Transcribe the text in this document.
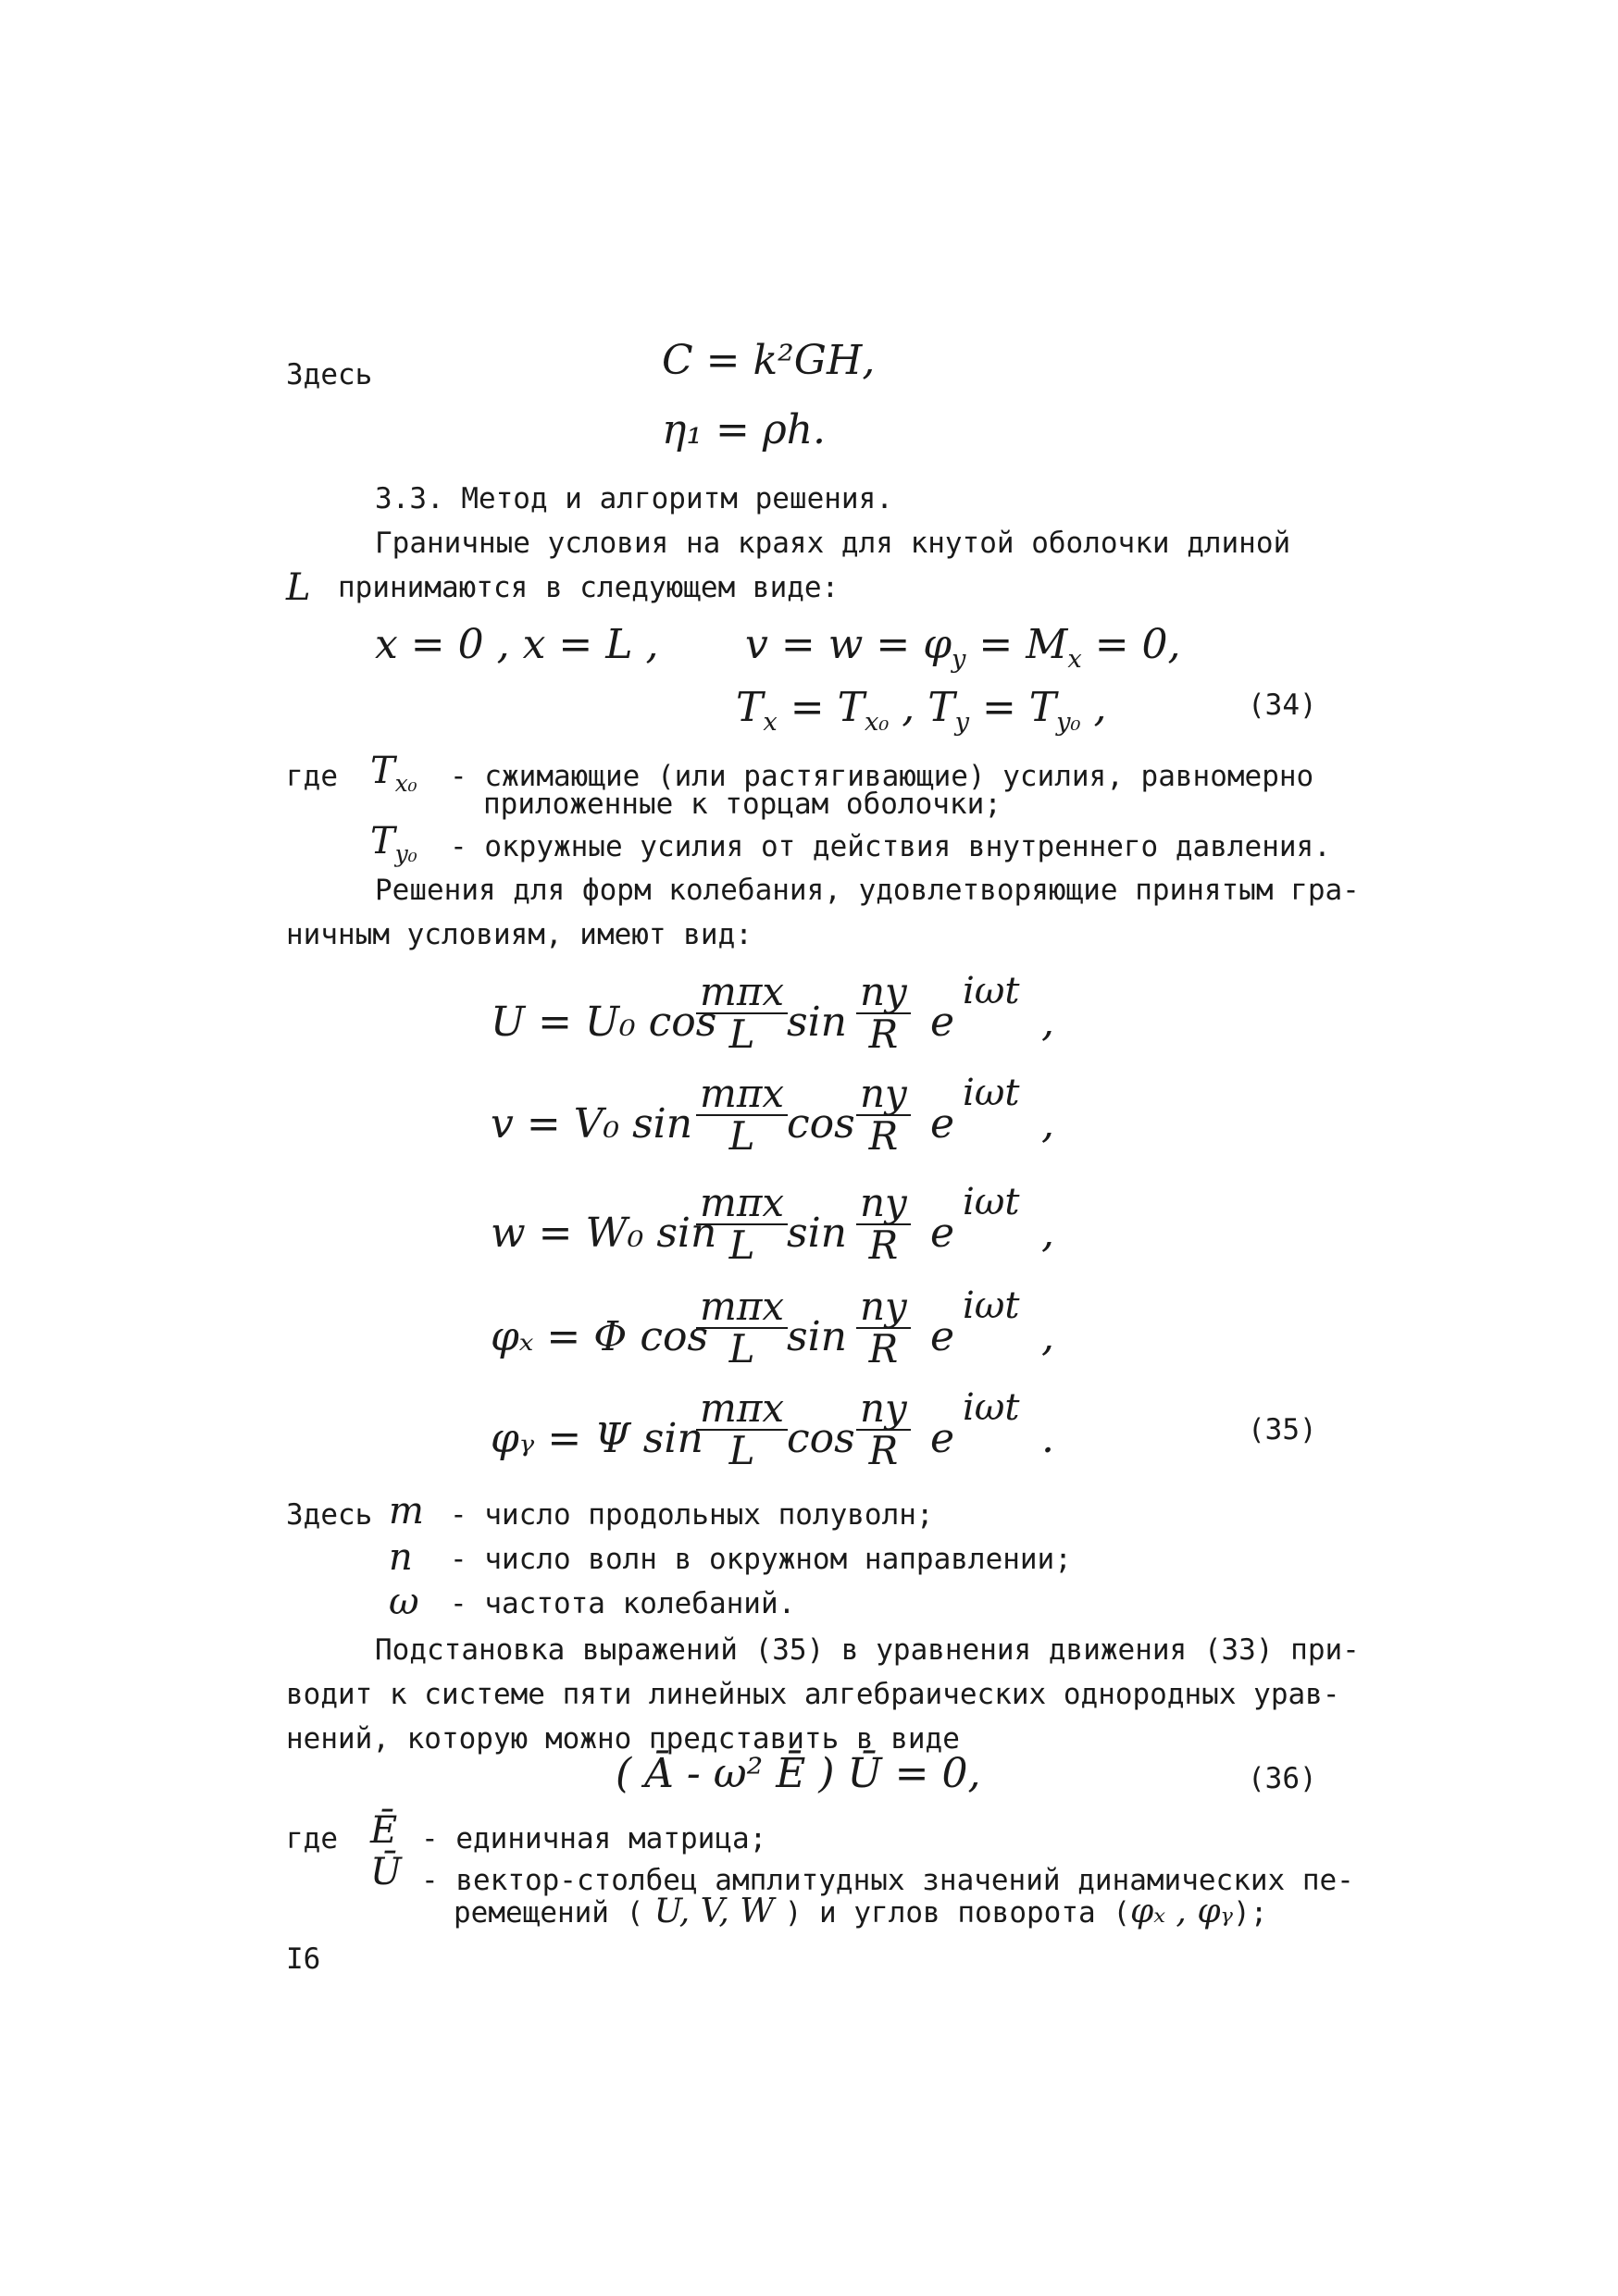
Здесь	C = k²GH,
η₁ = ρh.
3.3. Метод и алгоритм решения.
Граничные условия на краях для кнутой оболочки длиной
L принимаются в следующем виде:
x = 0 , x = L , $v = w = \varphi_y = M_x = 0$,
$T_x = T_{x_0}$ , $T_y = T_{y_0}$ ,	(34)
где $T_{x_0}$ - сжимающие (или растягивающие) усилия, равномерно
приложенные к торцам оболочки;
$T_{y_0}$ - окружные усилия от действия внутреннего давления.
Решения для форм колебания, удовлетворяющие принятым гра-
ничным условиям, имеют вид:
U = U₀ cos
mπx
L $\sin \frac{ny}{R}$ e
iωt
,
v = V₀ sin
mπx
L $\cos \frac{ny}{R}$ e
iωt
,
w = W₀ sin
mπx
L $\sin \frac{ny}{R}$ e
iωt
,
φₓ = Φ cos
mπx
L $\sin \frac{ny}{R}$ e
iωt
,
φᵧ = Ψ sin
mπx
L $\cos \frac{ny}{R}$ e
iωt
.	(35)
Здесь m - число продольных полуволн;
n - число волн в окружном направлении;
ω - частота колебаний.
Подстановка выражений (35) в уравнения движения (33) при-
водит к системе пяти линейных алгебраических однородных урав-
нений, которую можно представить в виде
( Ā - ω² Ē ) Ū = 0,	(36)
где Ē - единичная матрица;
Ū - вектор-столбец амплитудных значений динамических пе-
ремещений ( U, V, W ) и углов поворота (φₓ , φᵧ);
I6
